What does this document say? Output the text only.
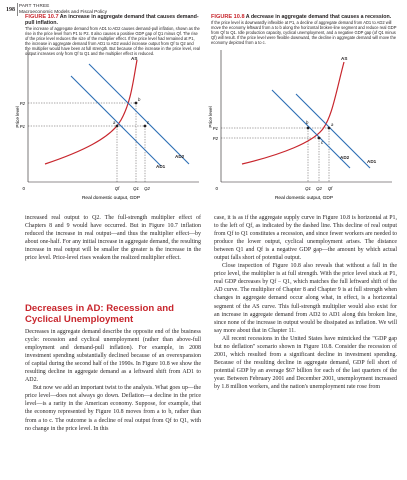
198
PART THREE
Macroeconomic Models and Fiscal Policy
FIGURE 10.7 An increase in aggregate demand that causes demand-pull inflation.
The increase of aggregate demand from AD1 to AD2 causes demand-pull inflation, shown as the rise in the price level from P1 to P2. It also causes a positive GDP gap of Q1 minus Qf. The rise of the price level reduces the size of the multiplier effect. If the price level had remained at P1, the increase in aggregate demand from AD1 to AD2 would increase output from Qf to Q2 and the multiplier would have been at full strength. But because of the increase in the price level, real output increases only from Qf to Q1 and the multiplier effect is reduced.
FIGURE 10.8 A decrease in aggregate demand that causes a recession.
If the price level is downwardly inflexible at P1, a decline of aggregate demand from AD1 to AD2 will move the economy leftward from a to b along the horizontal broken-line segment and reduce real GDP from Qf to Q1. Idle production capacity, cyclical unemployment, and a negative GDP gap (of Q1 minus Qf) will result. If the price level were flexible downward, the decline in aggregate demand will move the economy depicted from a to c.
Price level
Real domestic output, GDP
0
a
b
c
AS
AD2
AD1
P2
P1
Qf	Q1 Q2
Price level
Real domestic output, GDP
0
a
b
c
AS
AD1
AD2
P1
P2
Q1 Q2 Qf

increased real output to Q2. The full-strength multiplier effect of Chapters 8 and 9 would have occurred. But in Figure 10.7 inflation reduced the increase in real output—and thus the multiplier effect—by about one-half. For any initial increase in aggregate demand, the resulting increase in real output will be smaller the greater is the increase in the price level. Price-level rises weaken the realized multiplier effect.

Decreases in AD: Recession and Cyclical Unemployment

Decreases in aggregate demand describe the opposite end of the business cycle: recession and cyclical unemployment (rather than above-full employment and demand-pull inflation). For example, in 2008 investment spending substantially declined because of an overexpansion of capital during the second half of the 1990s. In Figure 10.8 we show the resulting decline in aggregate demand as a leftward shift from AD1 to AD2.

But now we add an important twist to the analysis. What goes up—the price level—does not always go down. Deflation—a decline in the price level—is a rarity in the American economy. Suppose, for example, that the economy represented by Figure 10.8 moves from a to b, rather than from a to c. The outcome is a decline of real output from Qf to Q1, with no change in the price level. In this

case, it is as if the aggregate supply curve in Figure 10.8 is horizontal at P1, to the left of Qf, as indicated by the dashed line. This decline of real output from Qf to Q1 constitutes a recession, and since fewer workers are needed to produce the lower output, cyclical unemployment arises. The distance between Q1 and Qf is a negative GDP gap—the amount by which actual output falls short of potential output.

Close inspection of Figure 10.8 also reveals that without a fall in the price level, the multiplier is at full strength. With the price level stuck at P1, real GDP decreases by Qf − Q1, which matches the full leftward shift of the AD curve. The multiplier of Chapter 8 and Chapter 9 is at full strength when changes in aggregate demand occur along what, in effect, is a horizontal segment of the AS curve. This full-strength multiplier would also exist for an increase in aggregate demand from AD2 to AD1 along this broken line, since none of the increase in output would be dissipated as inflation. We will say more about that in Chapter 11.

All recent recessions in the United States have mimicked the "GDP gap but no deflation" scenario shown in Figure 10.8. Consider the recession of 2001, which resulted from a significant decline in investment spending. Because of the resulting decline in aggregate demand, GDP fell short of potential GDP by an average $67 billion for each of the last quarters of the year. Between February 2001 and December 2001, unemployment increased by 1.8 million workers, and the nation's unemployment rate rose from
